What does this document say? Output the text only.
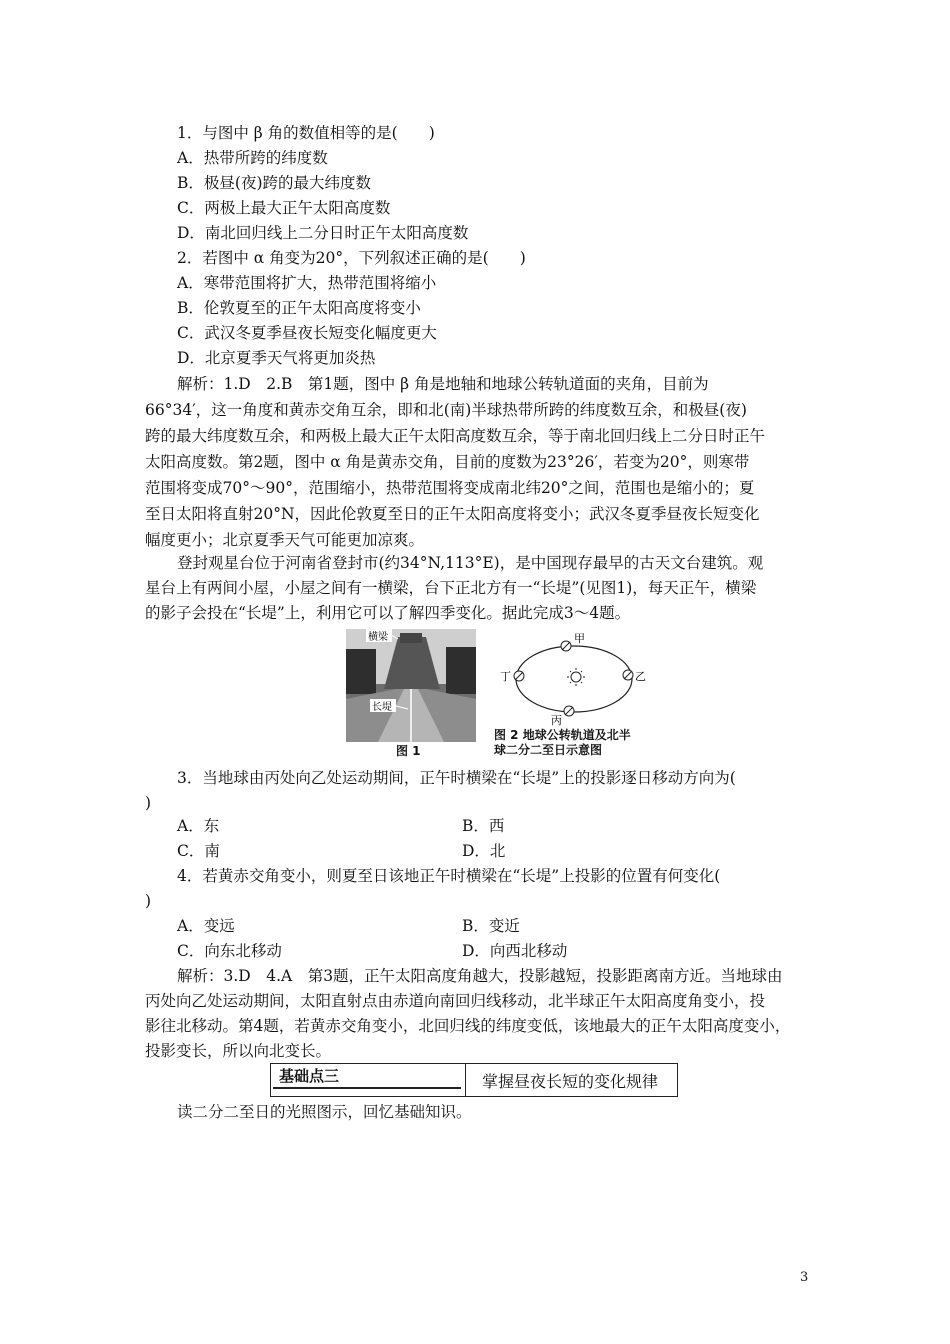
1．与图中 β 角的数值相等的是(　　)
A．热带所跨的纬度数
B．极昼(夜)跨的最大纬度数
C．两极上最大正午太阳高度数
D．南北回归线上二分日时正午太阳高度数
2．若图中 α 角变为20°，下列叙述正确的是(　　)
A．寒带范围将扩大，热带范围将缩小
B．伦敦夏至的正午太阳高度将变小
C．武汉冬夏季昼夜长短变化幅度更大
D．北京夏季天气将更加炎热
解析：1.D　2.B　第1题，图中 β 角是地轴和地球公转轨道面的夹角，目前为
66°34′，这一角度和黄赤交角互余，即和北(南)半球热带所跨的纬度数互余，和极昼(夜)
跨的最大纬度数互余，和两极上最大正午太阳高度数互余，等于南北回归线上二分日时正午
太阳高度数。第2题，图中 α 角是黄赤交角，目前的度数为23°26′，若变为20°，则寒带
范围将变成70°～90°，范围缩小，热带范围将变成南北纬20°之间，范围也是缩小的；夏
至日太阳将直射20°N，因此伦敦夏至日的正午太阳高度将变小；武汉冬夏季昼夜长短变化
幅度更小；北京夏季天气可能更加凉爽。
登封观星台位于河南省登封市(约34°N,113°E)，是中国现存最早的古天文台建筑。观
星台上有两间小屋，小屋之间有一横梁，台下正北方有一“长堤”(见图1)，每天正午，横梁
的影子会投在“长堤”上，利用它可以了解四季变化。据此完成3～4题。
横梁
长堤
图 1
甲
乙
丙
丁
图 2 地球公转轨道及北半
球二分二至日示意图
3．当地球由丙处向乙处运动期间，正午时横梁在“长堤”上的投影逐日移动方向为(
)
A．东	B．西
C．南	D．北
4．若黄赤交角变小，则夏至日该地正午时横梁在“长堤”上投影的位置有何变化(
)
A．变远	B．变近
C．向东北移动	D．向西北移动
解析：3.D　4.A　第3题，正午太阳高度角越大，投影越短，投影距离南方近。当地球由
丙处向乙处运动期间，太阳直射点由赤道向南回归线移动，北半球正午太阳高度角变小，投
影往北移动。第4题，若黄赤交角变小，北回归线的纬度变低，该地最大的正午太阳高度变小，
投影变长，所以向北变长。
基础点三	掌握昼夜长短的变化规律
读二分二至日的光照图示，回忆基础知识。
3
